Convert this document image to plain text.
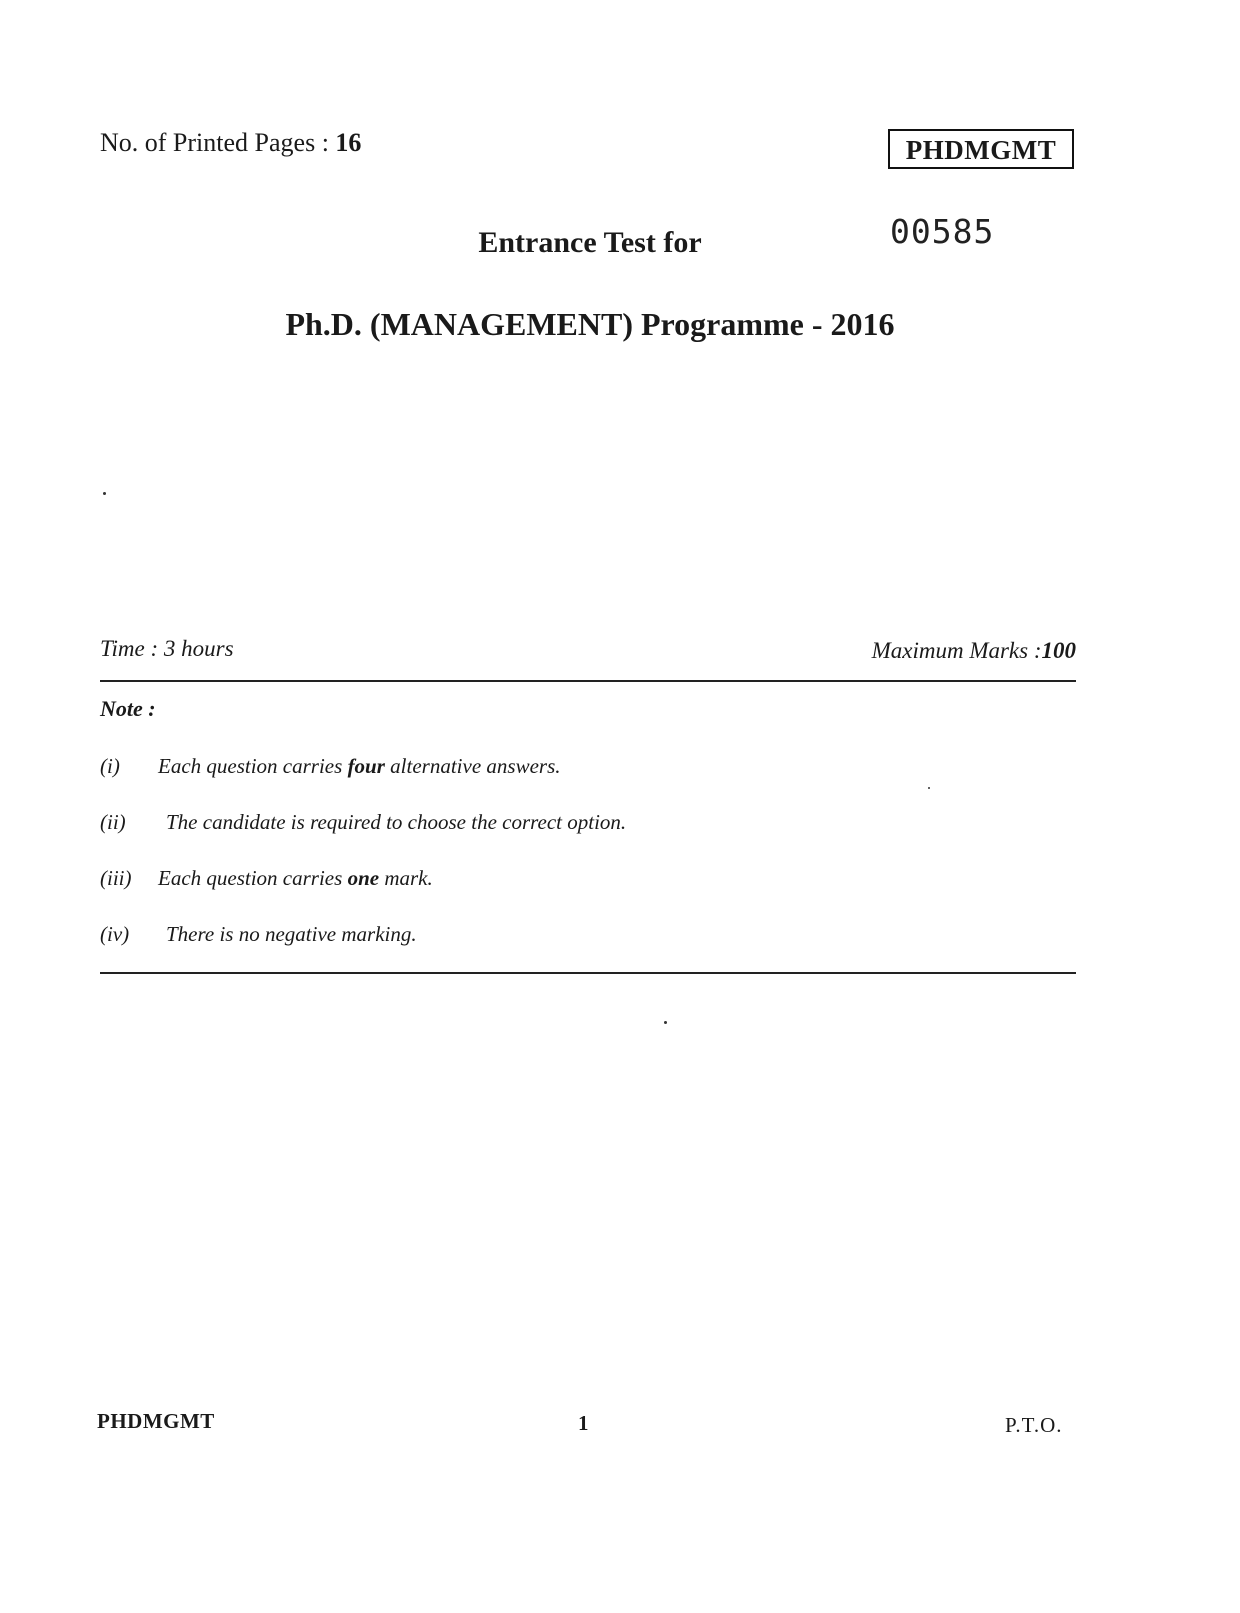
No. of Printed Pages : 16	PHDMGMT
00585
Entrance Test for
Ph.D. (MANAGEMENT) Programme - 2016
Time : 3 hours	Maximum Marks :100
Note :
(i) Each question carries four alternative answers.
(ii) The candidate is required to choose the correct option.
(iii) Each question carries one mark.
(iv) There is no negative marking.
PHDMGMT	1	P.T.O.
